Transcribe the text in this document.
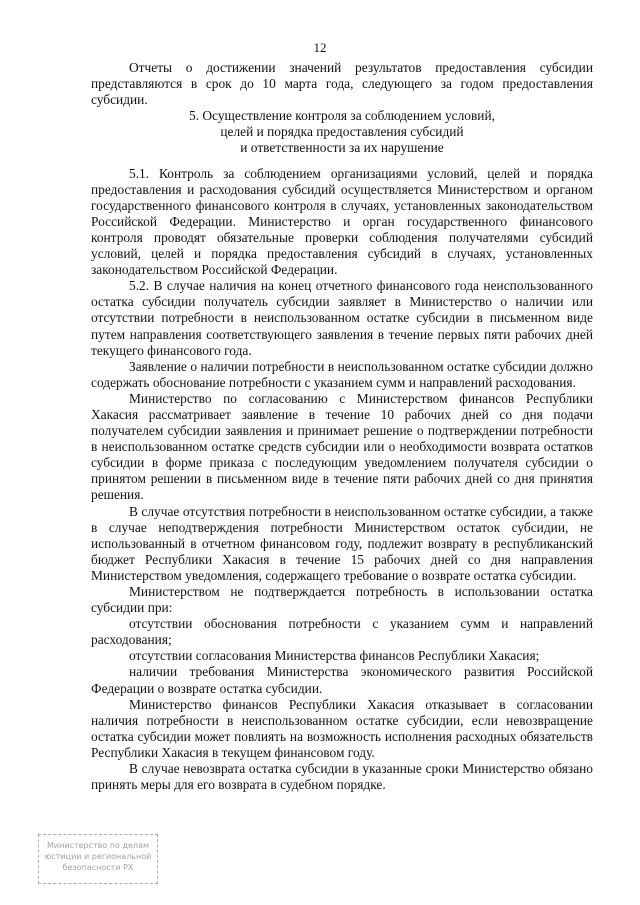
12

Отчеты о достижении значений результатов предоставления субсидии представляются в срок до 10 марта года, следующего за годом предоставления субсидии.

5. Осуществление контроля за соблюдением условий,
целей и порядка предоставления субсидий
и ответственности за их нарушение

5.1. Контроль за соблюдением организациями условий, целей и порядка предоставления и расходования субсидий осуществляется Министерством и органом государственного финансового контроля в случаях, установленных законодательством Российской Федерации. Министерство и орган государственного финансового контроля проводят обязательные проверки соблюдения получателями субсидий условий, целей и порядка предоставления субсидий в случаях, установленных законодательством Российской Федерации.

5.2. В случае наличия на конец отчетного финансового года неиспользованного остатка субсидии получатель субсидии заявляет в Министерство о наличии или отсутствии потребности в неиспользованном остатке субсидии в письменном виде путем направления соответствующего заявления в течение первых пяти рабочих дней текущего финансового года.

Заявление о наличии потребности в неиспользованном остатке субсидии должно содержать обоснование потребности с указанием сумм и направлений расходования.

Министерство по согласованию с Министерством финансов Республики Хакасия рассматривает заявление в течение 10 рабочих дней со дня подачи получателем субсидии заявления и принимает решение о подтверждении потребности в неиспользованном остатке средств субсидии или о необходимости возврата остатков субсидии в форме приказа с последующим уведомлением получателя субсидии о принятом решении в письменном виде в течение пяти рабочих дней со дня принятия решения.

В случае отсутствия потребности в неиспользованном остатке субсидии, а также в случае неподтверждения потребности Министерством остаток субсидии, не использованный в отчетном финансовом году, подлежит возврату в республиканский бюджет Республики Хакасия в течение 15 рабочих дней со дня направления Министерством уведомления, содержащего требование о возврате остатка субсидии.

Министерством не подтверждается потребность в использовании остатка субсидии при:

отсутствии обоснования потребности с указанием сумм и направлений расходования;

отсутствии согласования Министерства финансов Республики Хакасия;

наличии требования Министерства экономического развития Российской Федерации о возврате остатка субсидии.

Министерство финансов Республики Хакасия отказывает в согласовании наличия потребности в неиспользованном остатке субсидии, если невозвращение остатка субсидии может повлиять на возможность исполнения расходных обязательств Республики Хакасия в текущем финансовом году.

В случае невозврата остатка субсидии в указанные сроки Министерство обязано принять меры для его возврата в судебном порядке.

Министерство по делам
юстиции и региональной
безопасности РХ
